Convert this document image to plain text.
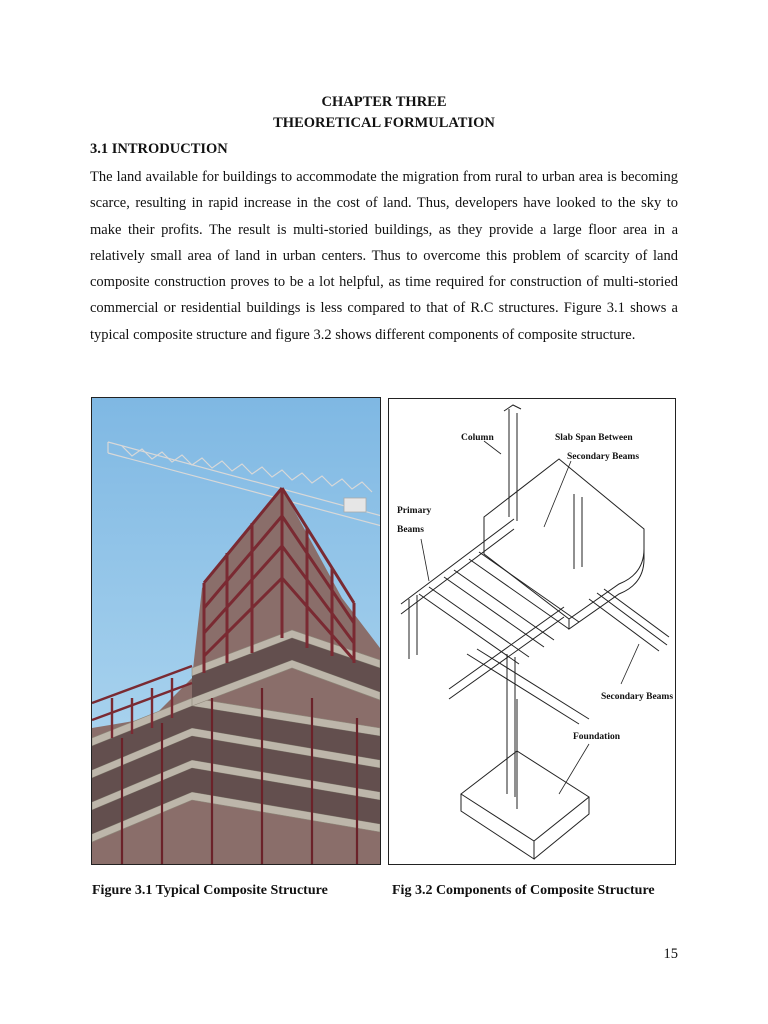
CHAPTER THREE
THEORETICAL FORMULATION
3.1 INTRODUCTION

The land available for buildings to accommodate the migration from rural to urban area is becoming scarce, resulting in rapid increase in the cost of land. Thus, developers have looked to the sky to make their profits. The result is multi-storied buildings, as they provide a large floor area in a relatively small area of land in urban centers. Thus to overcome this problem of scarcity of land composite construction proves to be a lot helpful, as time required for construction of multi-storied commercial or residential buildings is less compared to that of R.C structures. Figure 3.1 shows a typical composite structure and figure 3.2 shows different components of composite structure.

Column	Slab Span Between
Secondary Beams
Primary
Beams
Secondary Beams
Foundation
Figure 3.1 Typical Composite Structure	Fig 3.2 Components of Composite Structure
15
